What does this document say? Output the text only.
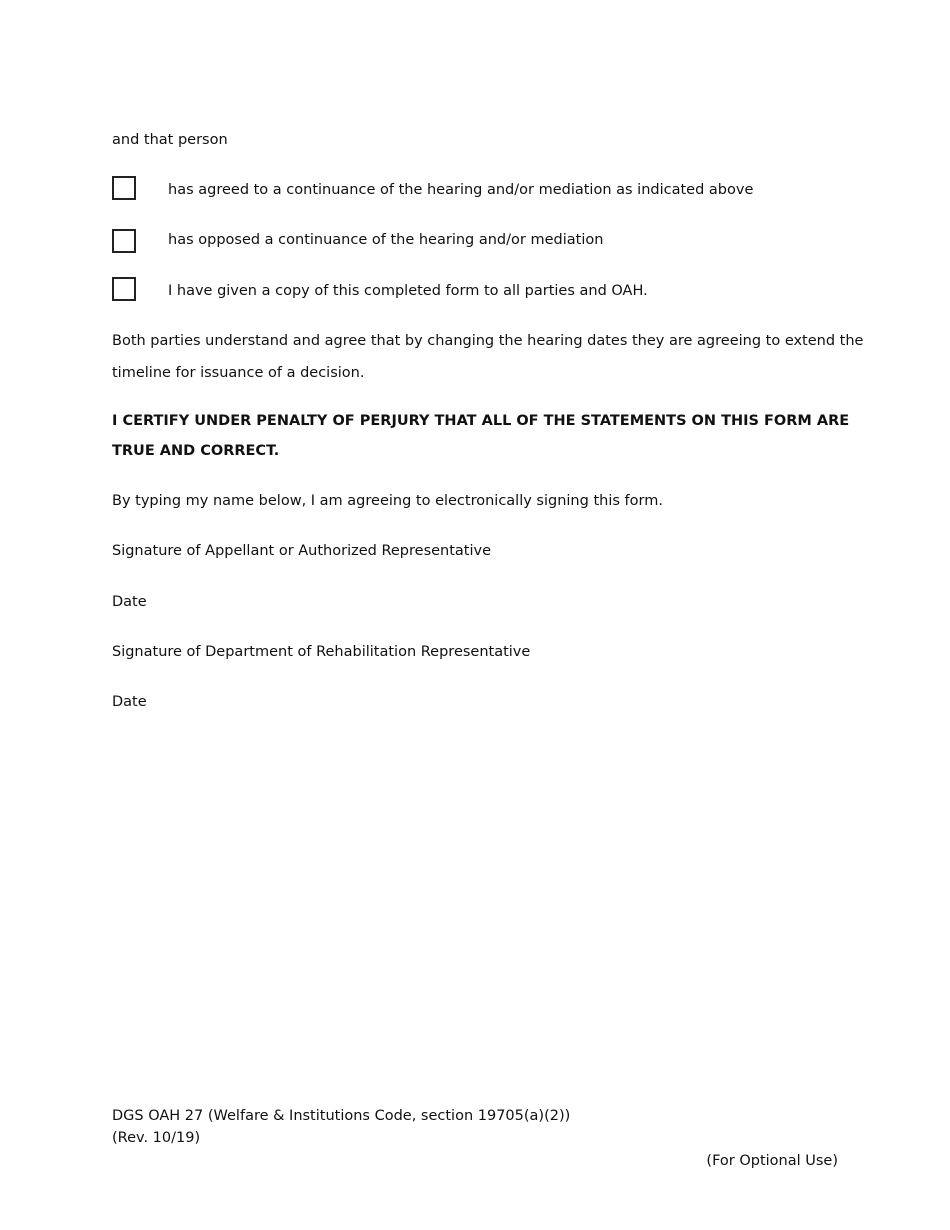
and that person
has agreed to a continuance of the hearing and/or mediation as indicated above
has opposed a continuance of the hearing and/or mediation
I have given a copy of this completed form to all parties and OAH.
Both parties understand and agree that by changing the hearing dates they are agreeing to extend the
timeline for issuance of a decision.
I CERTIFY UNDER PENALTY OF PERJURY THAT ALL OF THE STATEMENTS ON THIS FORM ARE
TRUE AND CORRECT.
By typing my name below, I am agreeing to electronically signing this form.
Signature of Appellant or Authorized Representative
Date
Signature of Department of Rehabilitation Representative
Date
DGS OAH 27 (Welfare & Institutions Code, section 19705(a)(2))
(Rev. 10/19)
(For Optional Use)
